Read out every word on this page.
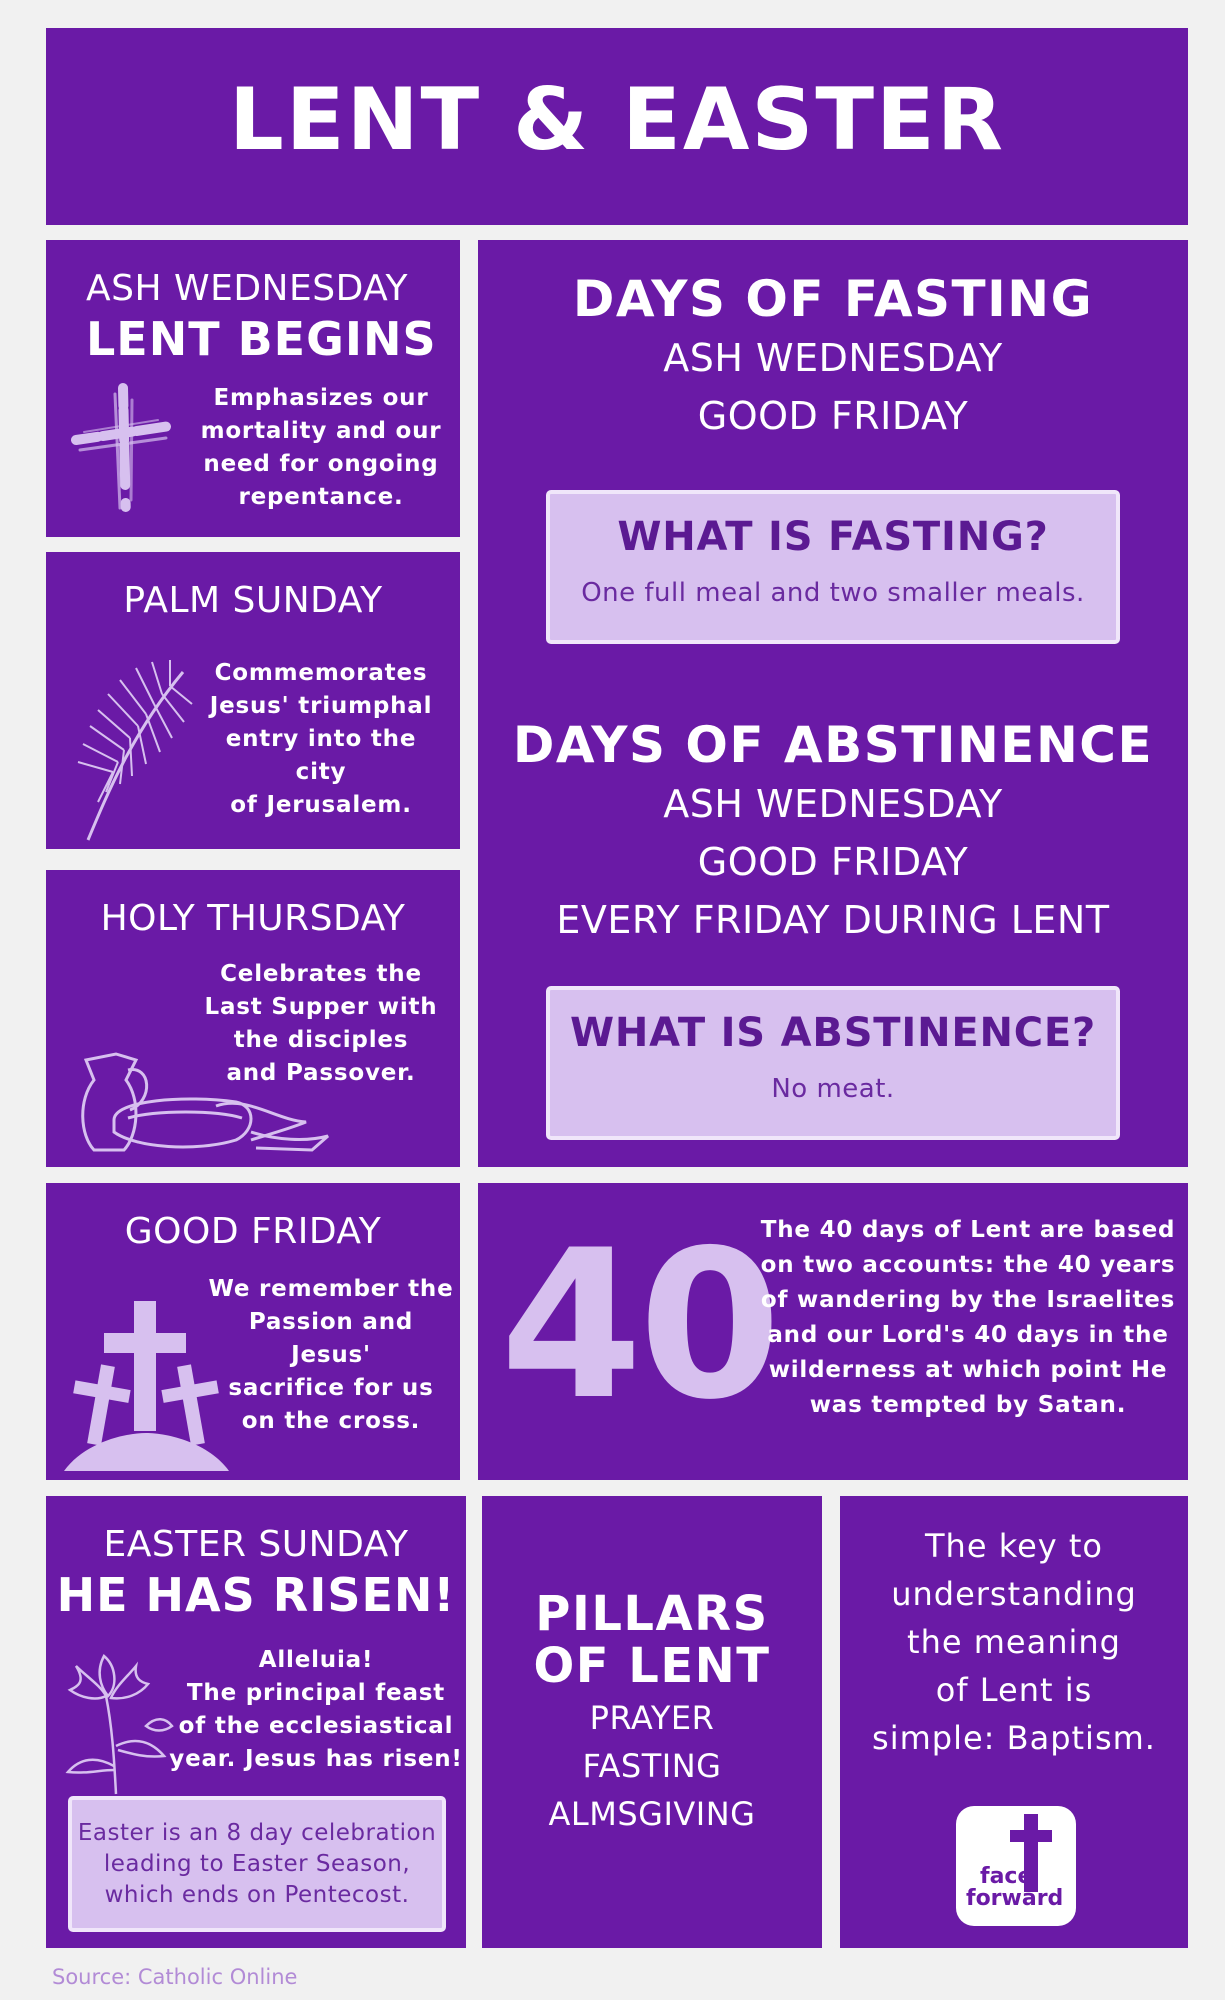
LENT & EASTER
ASH WEDNESDAY
LENT BEGINS
Emphasizes our
mortality and our
need for ongoing
repentance.
PALM SUNDAY
Commemorates
Jesus' triumphal
entry into the city
of Jerusalem.
HOLY THURSDAY
Celebrates the
Last Supper with
the disciples
and Passover.
GOOD FRIDAY
We remember the
Passion and Jesus'
sacrifice for us
on the cross.
EASTER SUNDAY
HE HAS RISEN!
Alleluia!
The principal feast
of the ecclesiastical
year. Jesus has risen!
Easter is an 8 day celebration
leading to Easter Season,
which ends on Pentecost.
DAYS OF FASTING
ASH WEDNESDAY
GOOD FRIDAY
WHAT IS FASTING?
One full meal and two smaller meals.
DAYS OF ABSTINENCE
ASH WEDNESDAY
GOOD FRIDAY
EVERY FRIDAY DURING LENT
WHAT IS ABSTINENCE?
No meat.
40
The 40 days of Lent are based
on two accounts: the 40 years
of wandering by the Israelites
and our Lord's 40 days in the
wilderness at which point He
was tempted by Satan.
PILLARS
OF LENT
PRAYER
FASTING
ALMSGIVING
The key to
understanding
the meaning
of Lent is
simple: Baptism.
face
forward
Source: Catholic Online
